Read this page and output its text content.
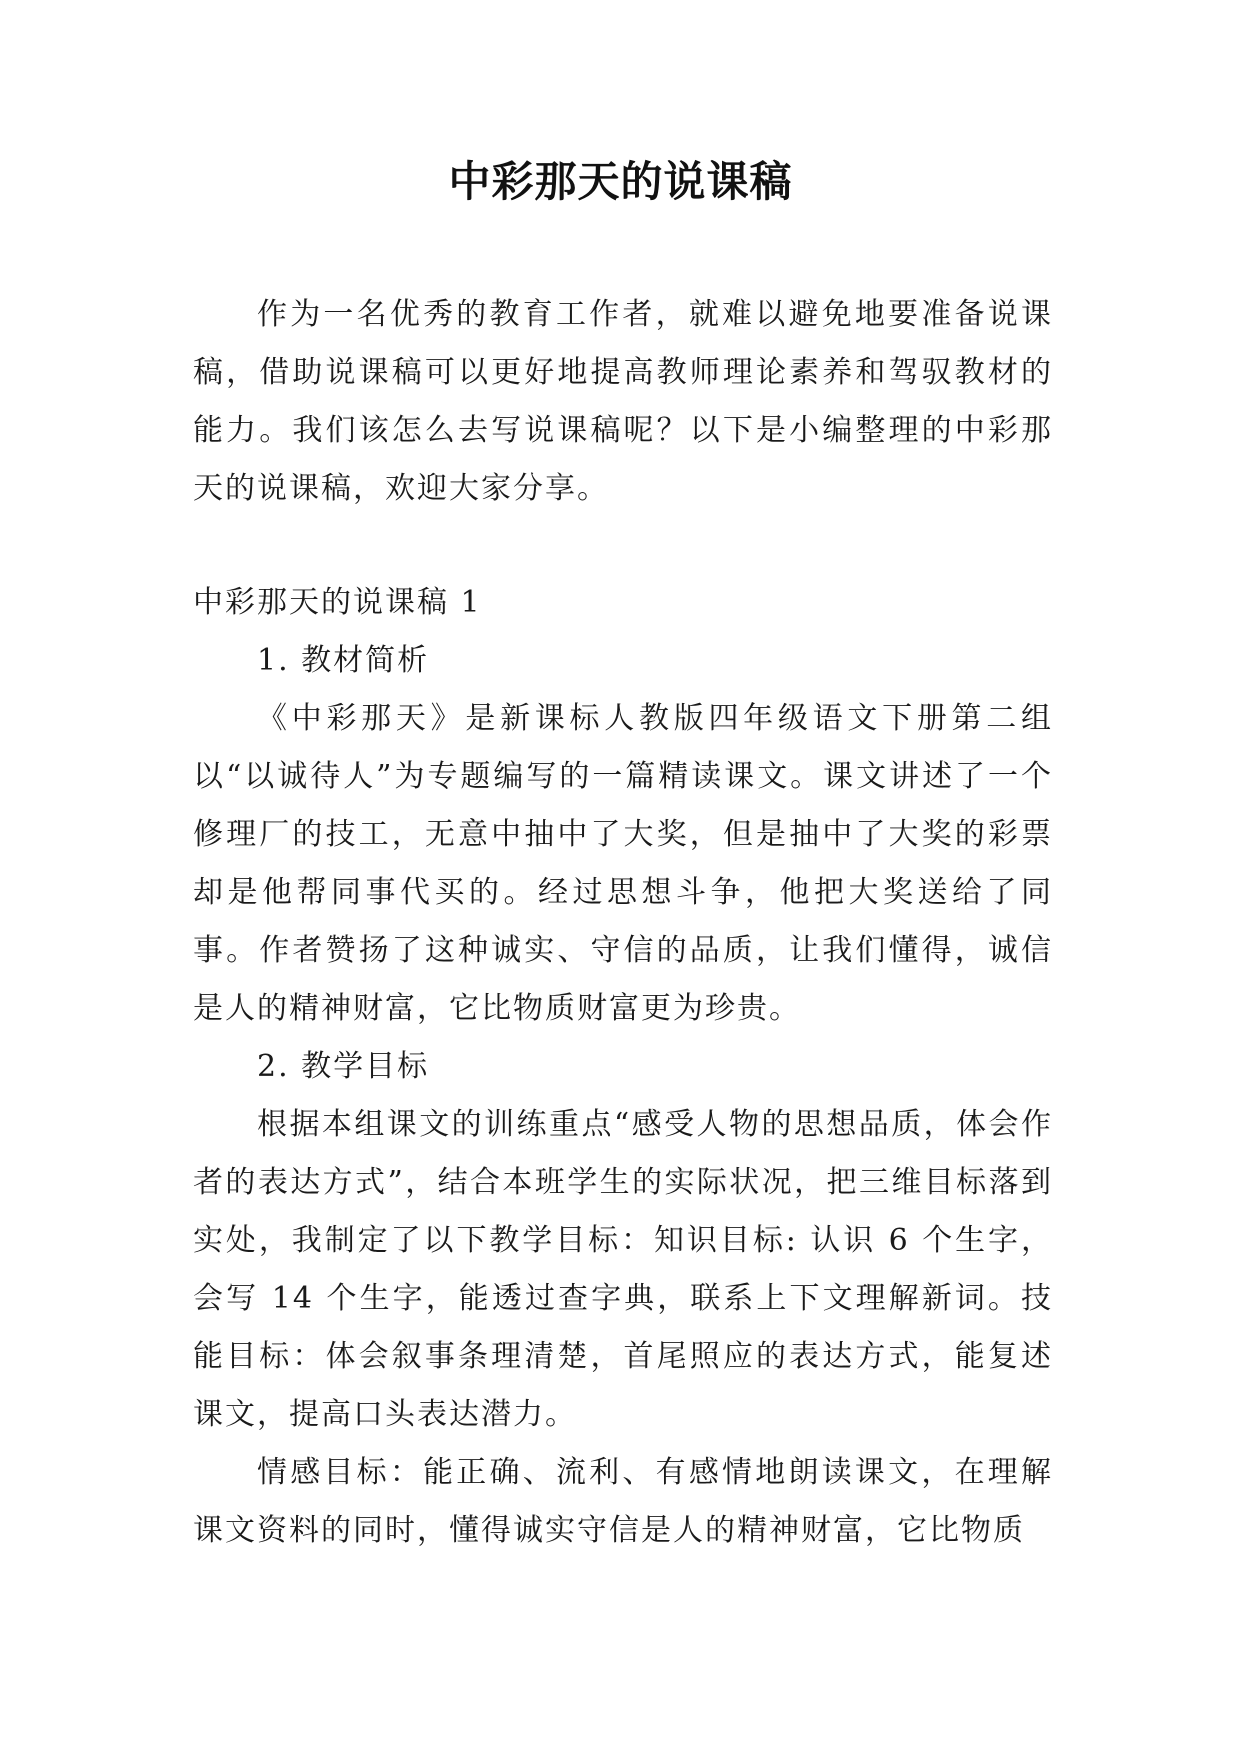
中彩那天的说课稿

作为一名优秀的教育工作者，就难以避免地要准备说课稿，借助说课稿可以更好地提高教师理论素养和驾驭教材的能力。我们该怎么去写说课稿呢？以下是小编整理的中彩那天的说课稿，欢迎大家分享。

中彩那天的说课稿 1

1. 教材简析

《中彩那天》是新课标人教版四年级语文下册第二组以“以诚待人”为专题编写的一篇精读课文。课文讲述了一个修理厂的技工，无意中抽中了大奖，但是抽中了大奖的彩票却是他帮同事代买的。经过思想斗争，他把大奖送给了同事。作者赞扬了这种诚实、守信的品质，让我们懂得，诚信是人的精神财富，它比物质财富更为珍贵。

2. 教学目标

根据本组课文的训练重点“感受人物的思想品质，体会作者的表达方式”，结合本班学生的实际状况，把三维目标落到实处，我制定了以下教学目标：知识目标: 认识 6 个生字，会写 14 个生字，能透过查字典，联系上下文理解新词。技能目标：体会叙事条理清楚，首尾照应的表达方式，能复述课文，提高口头表达潜力。

情感目标：能正确、流利、有感情地朗读课文，在理解课文资料的同时，懂得诚实守信是人的精神财富，它比物质
